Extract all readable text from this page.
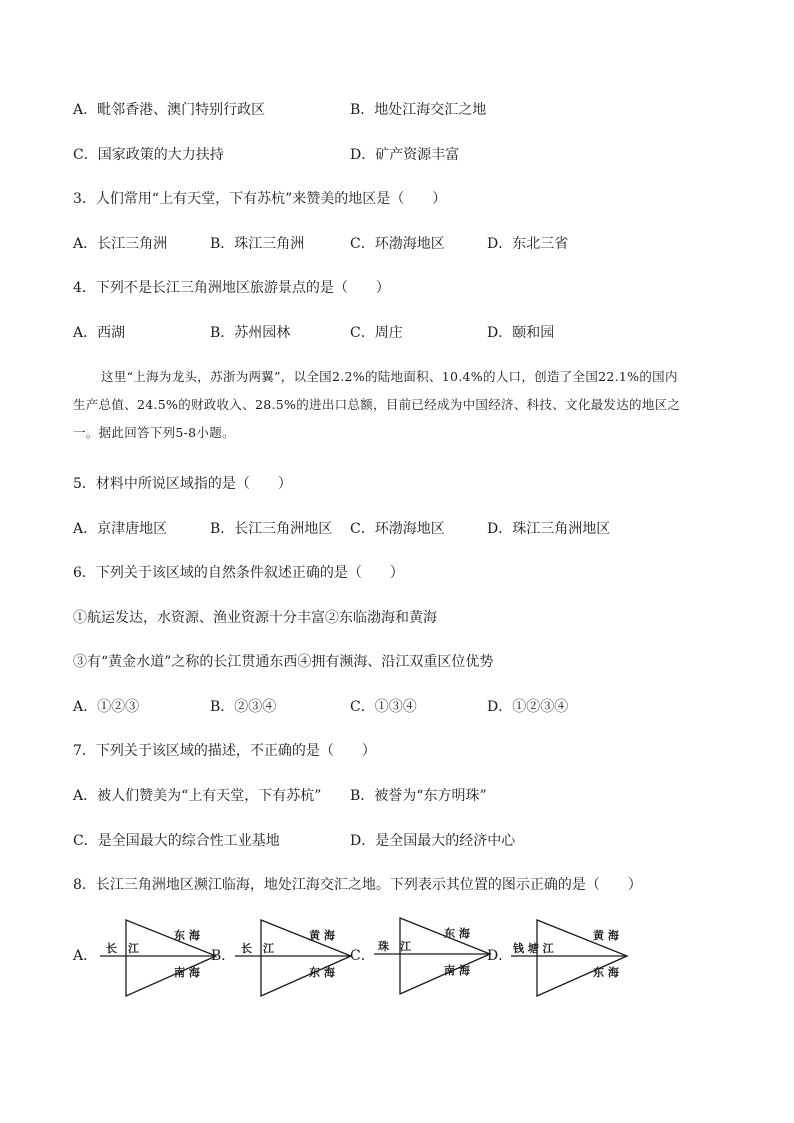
A．毗邻香港、澳门特别行政区	B．地处江海交汇之地
C．国家政策的大力扶持	D．矿产资源丰富
3．人们常用“上有天堂，下有苏杭”来赞美的地区是（　　）
A．长江三角洲	B．珠江三角洲	C．环渤海地区	D．东北三省
4．下列不是长江三角洲地区旅游景点的是（　　）
A．西湖	B．苏州园林	C．周庄	D．颐和园
这里“上海为龙头，苏浙为两翼”，以全国2.2%的陆地面积、10.4%的人口，创造了全国22.1%的国内
生产总值、24.5%的财政收入、28.5%的进出口总额，目前已经成为中国经济、科技、文化最发达的地区之
一。据此回答下列5-8小题。
5．材料中所说区域指的是（　　）
A．京津唐地区	B．长江三角洲地区 C．环渤海地区	D．珠江三角洲地区
6．下列关于该区域的自然条件叙述正确的是（　　）
①航运发达，水资源、渔业资源十分丰富②东临渤海和黄海
③有“黄金水道”之称的长江贯通东西④拥有濒海、沿江双重区位优势
A．①②③	B．②③④	C．①③④	D．①②③④
7．下列关于该区域的描述，不正确的是（　　）
A．被人们赞美为“上有天堂，下有苏杭” B．被誉为“东方明珠”
C．是全国最大的综合性工业基地	D．是全国最大的经济中心
8．长江三角洲地区濒江临海，地处江海交汇之地。下列表示其位置的图示正确的是（　　）
A． 长　江
东 海
南 海
B． 长　江
黄 海
东 海
C．
珠　江
东 海
南 海
D． 钱 塘 江
黄 海
东 海
